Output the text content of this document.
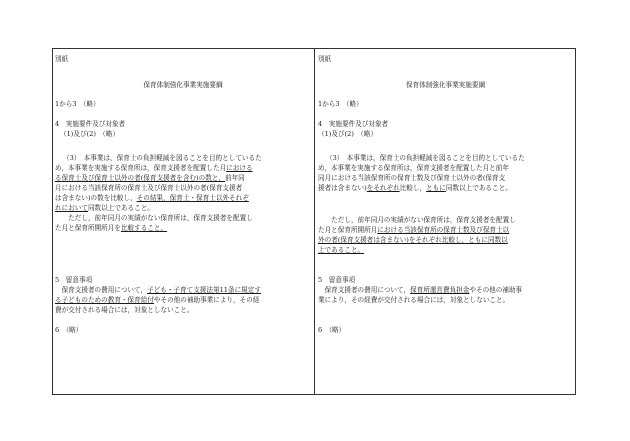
別紙
保育体制強化事業実施要綱
1から3　（略）
4　実施要件及び対象者
（1)及び(2)　（略）
（3）　本事業は，保育士の負担軽減を図ることを目的としているた
め，本事業を実施する保育所は，保育支援者を配置した月における
る保育士及び保育士以外の者(保育支援者を含む)の数と，前年同
月における当該保育所の保育士及び保育士以外の者(保育支援者
は含まない)の数を比較し，その結果，保育士・保育士以外それぞ
れにおいて同数以上であること。
　　ただし，前年同月の実績がない保育所は，保育支援者を配置し
た月と保育所開所月を比較すること。
5　留意事項
　保育支援者の費用について，子ども・子育て支援法第11条に規定す
る子どものための教育・保育給付やその他の補助事業により，その経
費が交付される場合には，対象としないこと。
6　（略）
別紙
保育体制強化事業実施要綱
1から3　（略）
4　実施要件及び対象者
（1)及び(2)　（略）
（3）　本事業は，保育士の負担軽減を図ることを目的としているた
め，本事業を実施する保育所は，保育支援者を配置した月と前年
同月における当該保育所の保育士数及び保育士以外の者(保育支
援者は含まない)をそれぞれ比較し，ともに同数以上であること。
　　ただし，前年同月の実績がない保育所は，保育支援者を配置し
た月と保育所開所月における当該保育所の保育士数及び保育士以
外の者(保育支援者は含まない)をそれぞれ比較し，ともに同数以
上であること。
5　留意事項
　保育支援者の費用について，保育所運営費負担金やその他の補助事
業により，その経費が交付される場合には，対象としないこと。
6　（略）
